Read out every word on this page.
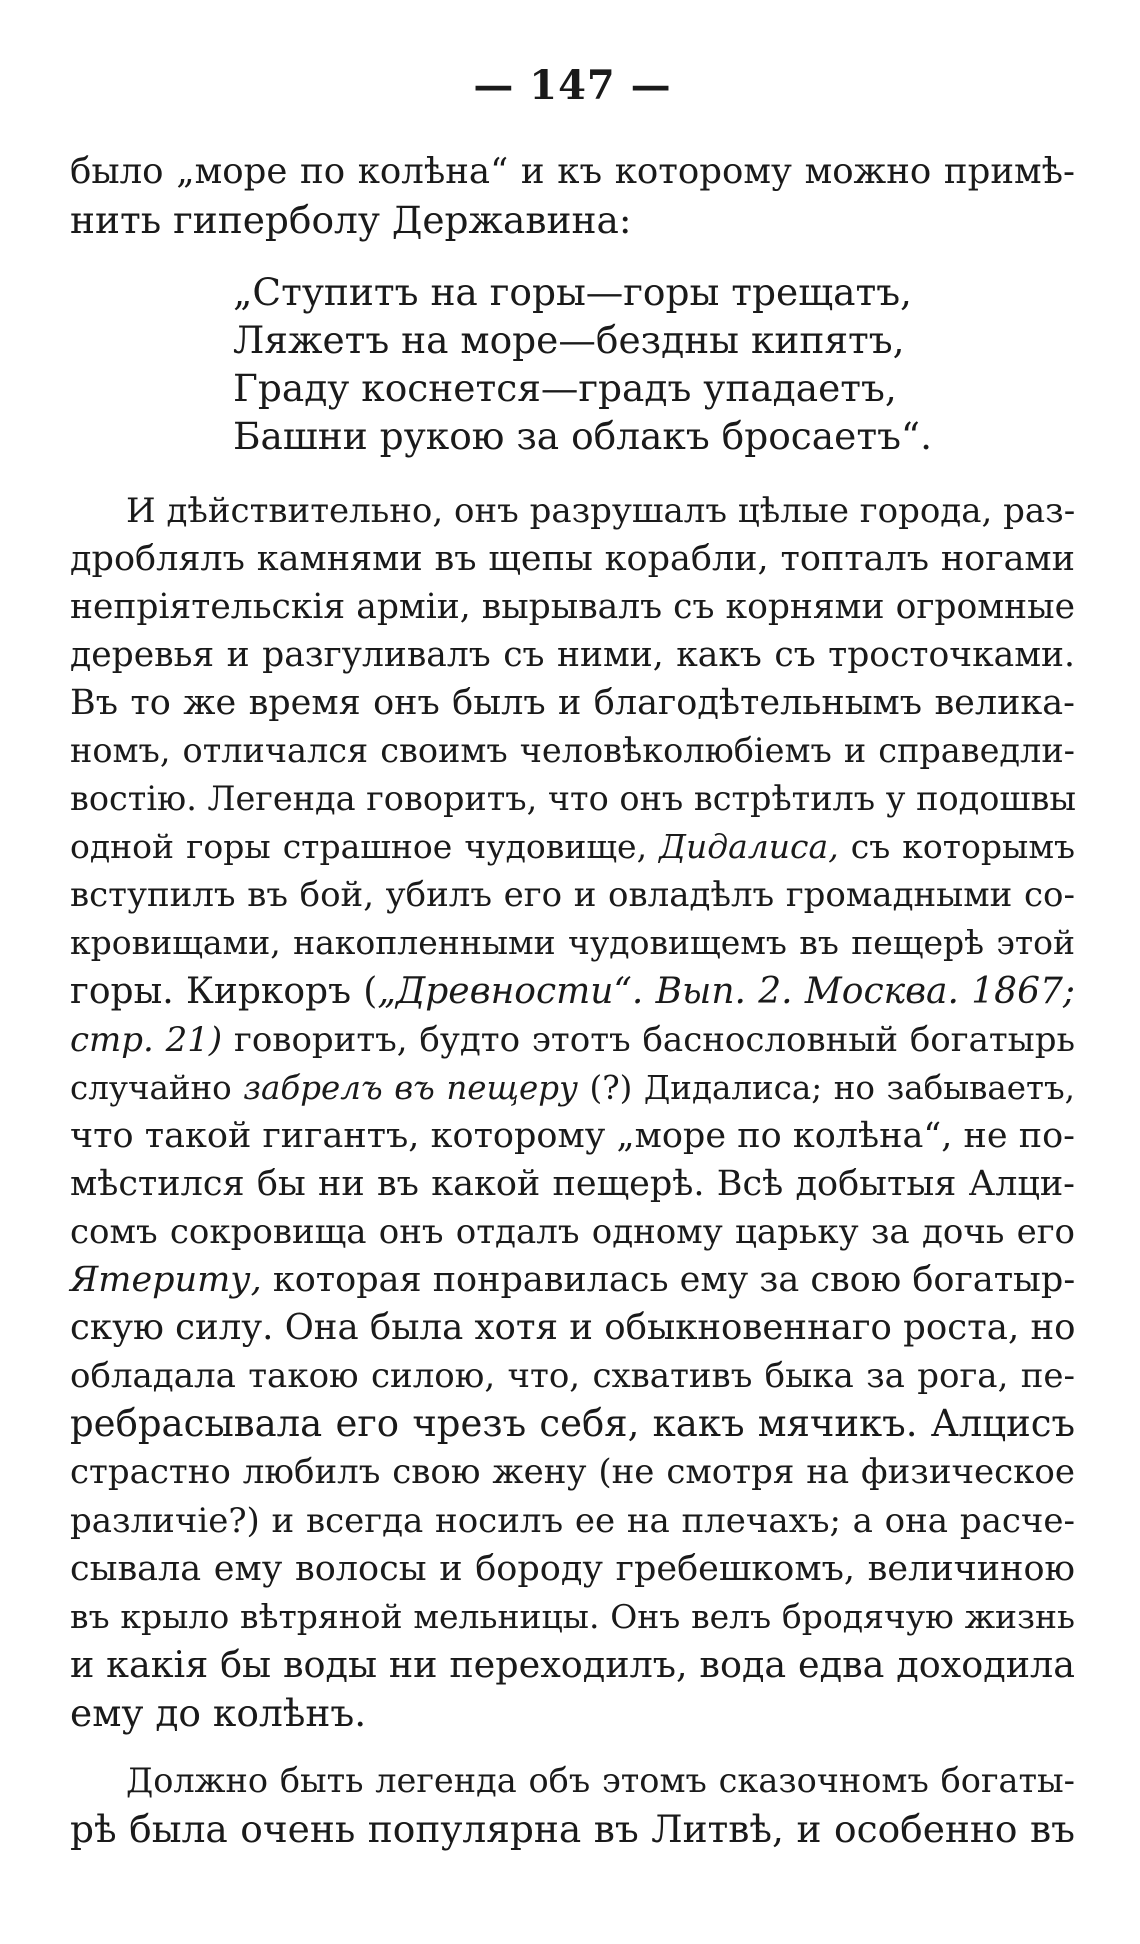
— 147 —
было „море по колѣна“ и къ которому можно примѣ-
нить гиперболу Державина:
„Ступитъ на горы—горы трещатъ,
Ляжетъ на море—бездны кипятъ,
Граду коснется—градъ упадаетъ,
Башни рукою за облакъ бросаетъ“.
И дѣйствительно, онъ разрушалъ цѣлые города, раз-
дроблялъ камнями въ щепы корабли, топталъ ногами
непріятельскія арміи, вырывалъ съ корнями огромные
деревья и разгуливалъ съ ними, какъ съ тросточками.
Въ то же время онъ былъ и благодѣтельнымъ велика-
номъ, отличался своимъ человѣколюбіемъ и справедли-
востію. Легенда говоритъ, что онъ встрѣтилъ у подошвы
одной горы страшное чудовище, Дидалиса, съ которымъ
вступилъ въ бой, убилъ его и овладѣлъ громадными со-
кровищами, накопленными чудовищемъ въ пещерѣ этой
горы. Киркоръ („Древности“. Вып. 2. Москва. 1867;
стр. 21) говоритъ, будто этотъ баснословный богатырь
случайно забрелъ въ пещеру (?) Дидалиса; но забываетъ,
что такой гигантъ, которому „море по колѣна“, не по-
мѣстился бы ни въ какой пещерѣ. Всѣ добытыя Алци-
сомъ сокровища онъ отдалъ одному царьку за дочь его
Ятериту, которая понравилась ему за свою богатыр-
скую силу. Она была хотя и обыкновеннаго роста, но
обладала такою силою, что, схвативъ быка за рога, пе-
ребрасывала его чрезъ себя, какъ мячикъ. Алцисъ
страстно любилъ свою жену (не смотря на физическое
различіе?) и всегда носилъ ее на плечахъ; а она расче-
сывала ему волосы и бороду гребешкомъ, величиною
въ крыло вѣтряной мельницы. Онъ велъ бродячую жизнь
и какія бы воды ни переходилъ, вода едва доходила
ему до колѣнъ.
Должно быть легенда объ этомъ сказочномъ богаты-
рѣ была очень популярна въ Литвѣ, и особенно въ
